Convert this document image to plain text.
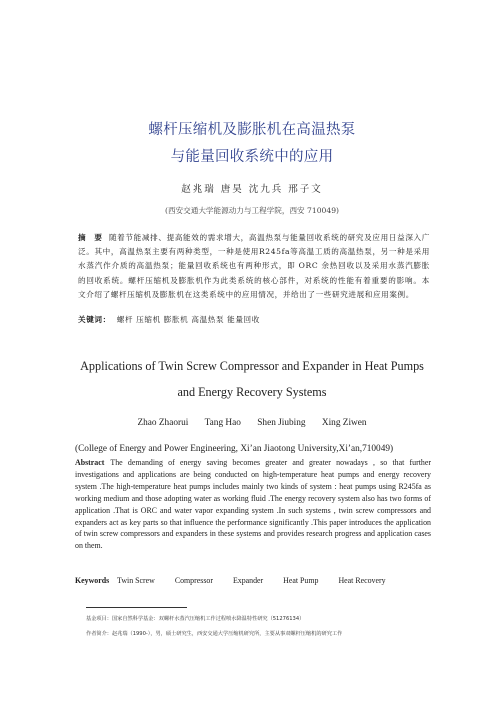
螺杆压缩机及膨胀机在高温热泵
与能量回收系统中的应用
赵兆瑞 唐昊 沈九兵 邢子文
(西安交通大学能源动力与工程学院，西安 710049)
摘 要 随着节能减排、提高能效的需求增大，高温热泵与能量回收系统的研究及应用日益深入广泛。其中，高温热泵主要有两种类型，一种是使用R245fa等高温工质的高温热泵，另一种是采用水蒸汽作介质的高温热泵；能量回收系统也有两种形式，即 ORC 余热回收以及采用水蒸汽膨胀的回收系统。螺杆压缩机及膨胀机作为此类系统的核心部件，对系统的性能有着重要的影响。本文介绍了螺杆压缩机及膨胀机在这类系统中的应用情况，并给出了一些研究进展和应用案例。
关键词： 螺杆 压缩机 膨胀机 高温热泵 能量回收
Applications of Twin Screw Compressor and Expander in Heat Pumps
and Energy Recovery Systems
Zhao Zhaorui Tang Hao Shen Jiubing Xing Ziwen
(College of Energy and Power Engineering, Xi’an Jiaotong University,Xi’an,710049)
Abstract The demanding of energy saving becomes greater and greater nowadays , so that further investigations and applications are being conducted on high-temperature heat pumps and energy recovery system .The high-temperature heat pumps includes mainly two kinds of system : heat pumps using R245fa as working medium and those adopting water as working fluid .The energy recovery system also has two forms of application .That is ORC and water vapor expanding system .In such systems , twin screw compressors and expanders act as key parts so that influence the performance significantly .This paper introduces the application of twin screw compressors and expanders in these systems and provides research progress and application cases on them.
Keywords Twin Screw	Compressor	Expander	Heat Pump	Heat Recovery
基金项目：国家自然科学基金：双螺杆水蒸汽压缩机工作过程喷水降温特性研究（51276134）
作者简介：赵兆瑞（1990-），男，硕士研究生，西安交通大学压缩机研究所，主要从事双螺杆压缩机的研究工作
